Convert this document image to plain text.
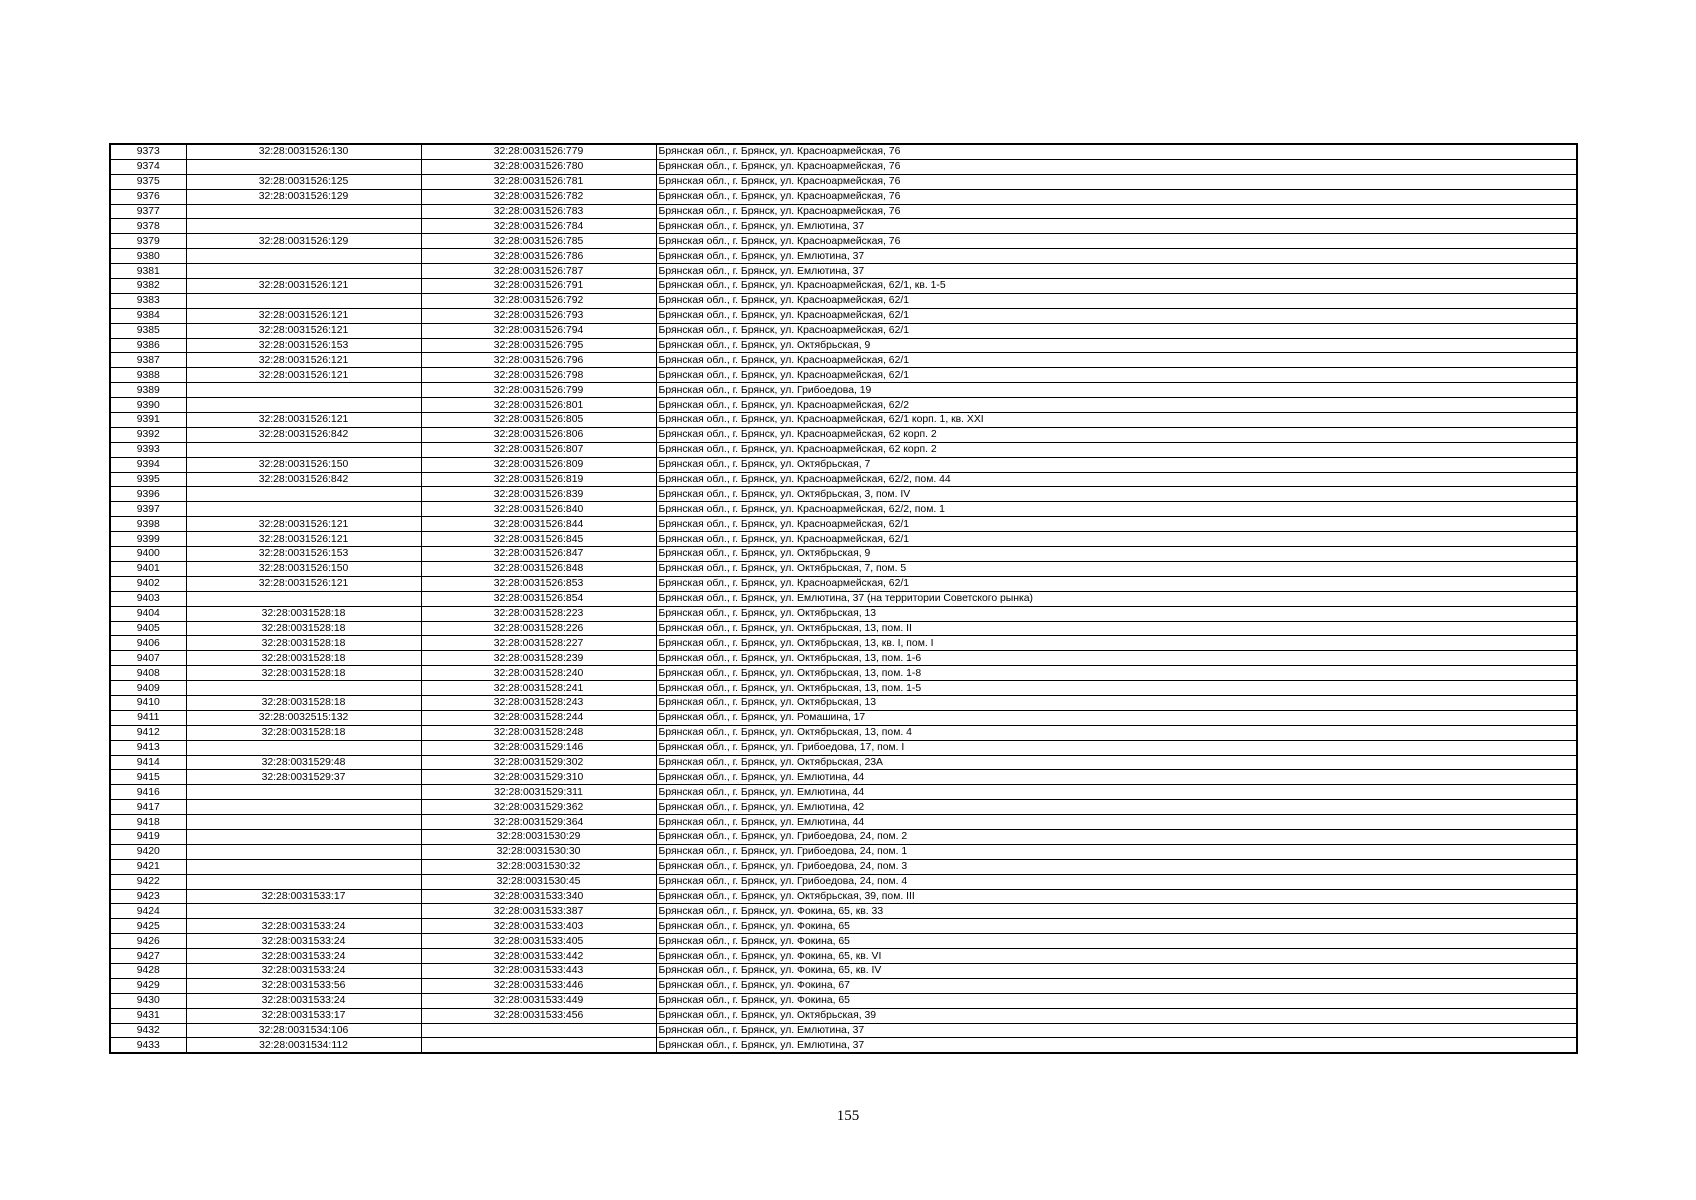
9373	32:28:0031526:130	32:28:0031526:779	Брянская обл., г. Брянск, ул. Красноармейская, 76
9374		32:28:0031526:780	Брянская обл., г. Брянск, ул. Красноармейская, 76
9375	32:28:0031526:125	32:28:0031526:781	Брянская обл., г. Брянск, ул. Красноармейская, 76
9376	32:28:0031526:129	32:28:0031526:782	Брянская обл., г. Брянск, ул. Красноармейская, 76
9377		32:28:0031526:783	Брянская обл., г. Брянск, ул. Красноармейская, 76
9378		32:28:0031526:784	Брянская обл., г. Брянск, ул. Емлютина, 37
9379	32:28:0031526:129	32:28:0031526:785	Брянская обл., г. Брянск, ул. Красноармейская, 76
9380		32:28:0031526:786	Брянская обл., г. Брянск, ул. Емлютина, 37
9381		32:28:0031526:787	Брянская обл., г. Брянск, ул. Емлютина, 37
9382	32:28:0031526:121	32:28:0031526:791	Брянская обл., г. Брянск, ул. Красноармейская, 62/1, кв. 1-5
9383		32:28:0031526:792	Брянская обл., г. Брянск, ул. Красноармейская, 62/1
9384	32:28:0031526:121	32:28:0031526:793	Брянская обл., г. Брянск, ул. Красноармейская, 62/1
9385	32:28:0031526:121	32:28:0031526:794	Брянская обл., г. Брянск, ул. Красноармейская, 62/1
9386	32:28:0031526:153	32:28:0031526:795	Брянская обл., г. Брянск, ул. Октябрьская, 9
9387	32:28:0031526:121	32:28:0031526:796	Брянская обл., г. Брянск, ул. Красноармейская, 62/1
9388	32:28:0031526:121	32:28:0031526:798	Брянская обл., г. Брянск, ул. Красноармейская, 62/1
9389		32:28:0031526:799	Брянская обл., г. Брянск, ул. Грибоедова, 19
9390		32:28:0031526:801	Брянская обл., г. Брянск, ул. Красноармейская, 62/2
9391	32:28:0031526:121	32:28:0031526:805	Брянская обл., г. Брянск, ул. Красноармейская, 62/1 корп. 1, кв. XXI
9392	32:28:0031526:842	32:28:0031526:806	Брянская обл., г. Брянск, ул. Красноармейская, 62 корп. 2
9393		32:28:0031526:807	Брянская обл., г. Брянск, ул. Красноармейская, 62 корп. 2
9394	32:28:0031526:150	32:28:0031526:809	Брянская обл., г. Брянск, ул. Октябрьская, 7
9395	32:28:0031526:842	32:28:0031526:819	Брянская обл., г. Брянск, ул. Красноармейская, 62/2, пом. 44
9396		32:28:0031526:839	Брянская обл., г. Брянск, ул. Октябрьская, 3, пом. IV
9397		32:28:0031526:840	Брянская обл., г. Брянск, ул. Красноармейская, 62/2, пом. 1
9398	32:28:0031526:121	32:28:0031526:844	Брянская обл., г. Брянск, ул. Красноармейская, 62/1
9399	32:28:0031526:121	32:28:0031526:845	Брянская обл., г. Брянск, ул. Красноармейская, 62/1
9400	32:28:0031526:153	32:28:0031526:847	Брянская обл., г. Брянск, ул. Октябрьская, 9
9401	32:28:0031526:150	32:28:0031526:848	Брянская обл., г. Брянск, ул. Октябрьская, 7, пом. 5
9402	32:28:0031526:121	32:28:0031526:853	Брянская обл., г. Брянск, ул. Красноармейская, 62/1
9403		32:28:0031526:854	Брянская обл., г. Брянск, ул. Емлютина, 37 (на территории Советского рынка)
9404	32:28:0031528:18	32:28:0031528:223	Брянская обл., г. Брянск, ул. Октябрьская, 13
9405	32:28:0031528:18	32:28:0031528:226	Брянская обл., г. Брянск, ул. Октябрьская, 13, пом. II
9406	32:28:0031528:18	32:28:0031528:227	Брянская обл., г. Брянск, ул. Октябрьская, 13, кв. I, пом. I
9407	32:28:0031528:18	32:28:0031528:239	Брянская обл., г. Брянск, ул. Октябрьская, 13, пом. 1-6
9408	32:28:0031528:18	32:28:0031528:240	Брянская обл., г. Брянск, ул. Октябрьская, 13, пом. 1-8
9409		32:28:0031528:241	Брянская обл., г. Брянск, ул. Октябрьская, 13, пом. 1-5
9410	32:28:0031528:18	32:28:0031528:243	Брянская обл., г. Брянск, ул. Октябрьская, 13
9411	32:28:0032515:132	32:28:0031528:244	Брянская обл., г. Брянск, ул. Ромашина, 17
9412	32:28:0031528:18	32:28:0031528:248	Брянская обл., г. Брянск, ул. Октябрьская, 13, пом. 4
9413		32:28:0031529:146	Брянская обл., г. Брянск, ул. Грибоедова, 17, пом. I
9414	32:28:0031529:48	32:28:0031529:302	Брянская обл., г. Брянск, ул. Октябрьская, 23А
9415	32:28:0031529:37	32:28:0031529:310	Брянская обл., г. Брянск, ул. Емлютина, 44
9416		32:28:0031529:311	Брянская обл., г. Брянск, ул. Емлютина, 44
9417		32:28:0031529:362	Брянская обл., г. Брянск, ул. Емлютина, 42
9418		32:28:0031529:364	Брянская обл., г. Брянск, ул. Емлютина, 44
9419		32:28:0031530:29	Брянская обл., г. Брянск, ул. Грибоедова, 24, пом. 2
9420		32:28:0031530:30	Брянская обл., г. Брянск, ул. Грибоедова, 24, пом. 1
9421		32:28:0031530:32	Брянская обл., г. Брянск, ул. Грибоедова, 24, пом. 3
9422		32:28:0031530:45	Брянская обл., г. Брянск, ул. Грибоедова, 24, пом. 4
9423	32:28:0031533:17	32:28:0031533:340	Брянская обл., г. Брянск, ул. Октябрьская, 39, пом. III
9424		32:28:0031533:387	Брянская обл., г. Брянск, ул. Фокина, 65, кв. 33
9425	32:28:0031533:24	32:28:0031533:403	Брянская обл., г. Брянск, ул. Фокина, 65
9426	32:28:0031533:24	32:28:0031533:405	Брянская обл., г. Брянск, ул. Фокина, 65
9427	32:28:0031533:24	32:28:0031533:442	Брянская обл., г. Брянск, ул. Фокина, 65, кв. VI
9428	32:28:0031533:24	32:28:0031533:443	Брянская обл., г. Брянск, ул. Фокина, 65, кв. IV
9429	32:28:0031533:56	32:28:0031533:446	Брянская обл., г. Брянск, ул. Фокина, 67
9430	32:28:0031533:24	32:28:0031533:449	Брянская обл., г. Брянск, ул. Фокина, 65
9431	32:28:0031533:17	32:28:0031533:456	Брянская обл., г. Брянск, ул. Октябрьская, 39
9432	32:28:0031534:106		Брянская обл., г. Брянск, ул. Емлютина, 37
9433	32:28:0031534:112		Брянская обл., г. Брянск, ул. Емлютина, 37
155
